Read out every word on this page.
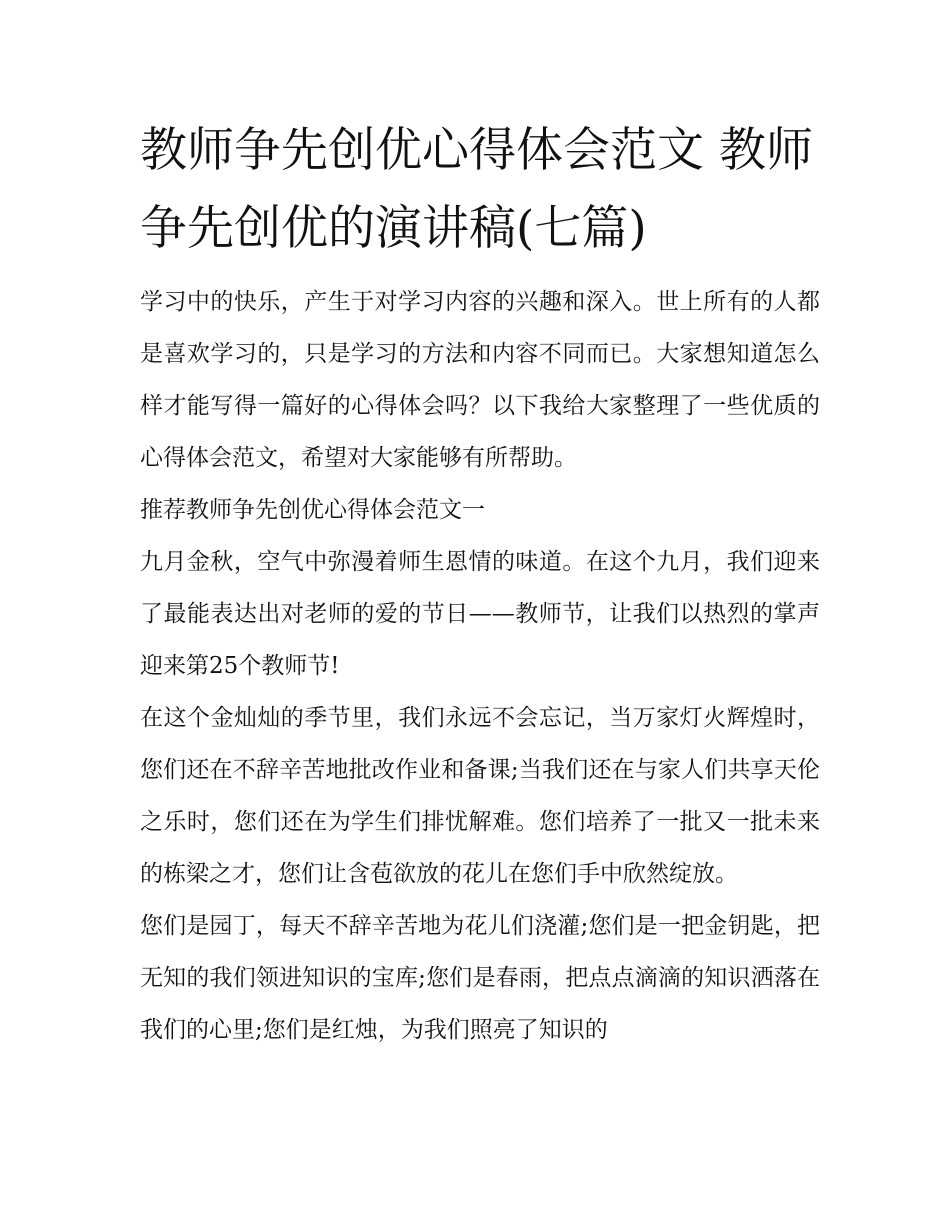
教师争先创优心得体会范文 教师争先创优的演讲稿(七篇)

学习中的快乐，产生于对学习内容的兴趣和深入。世上所有的人都是喜欢学习的，只是学习的方法和内容不同而已。大家想知道怎么样才能写得一篇好的心得体会吗？以下我给大家整理了一些优质的心得体会范文，希望对大家能够有所帮助。

推荐教师争先创优心得体会范文一

九月金秋，空气中弥漫着师生恩情的味道。在这个九月，我们迎来了最能表达出对老师的爱的节日——教师节，让我们以热烈的掌声迎来第25个教师节!

在这个金灿灿的季节里，我们永远不会忘记，当万家灯火辉煌时，您们还在不辞辛苦地批改作业和备课;当我们还在与家人们共享天伦之乐时，您们还在为学生们排忧解难。您们培养了一批又一批未来的栋梁之才，您们让含苞欲放的花儿在您们手中欣然绽放。

您们是园丁，每天不辞辛苦地为花儿们浇灌;您们是一把金钥匙，把无知的我们领进知识的宝库;您们是春雨，把点点滴滴的知识洒落在我们的心里;您们是红烛，为我们照亮了知识的
